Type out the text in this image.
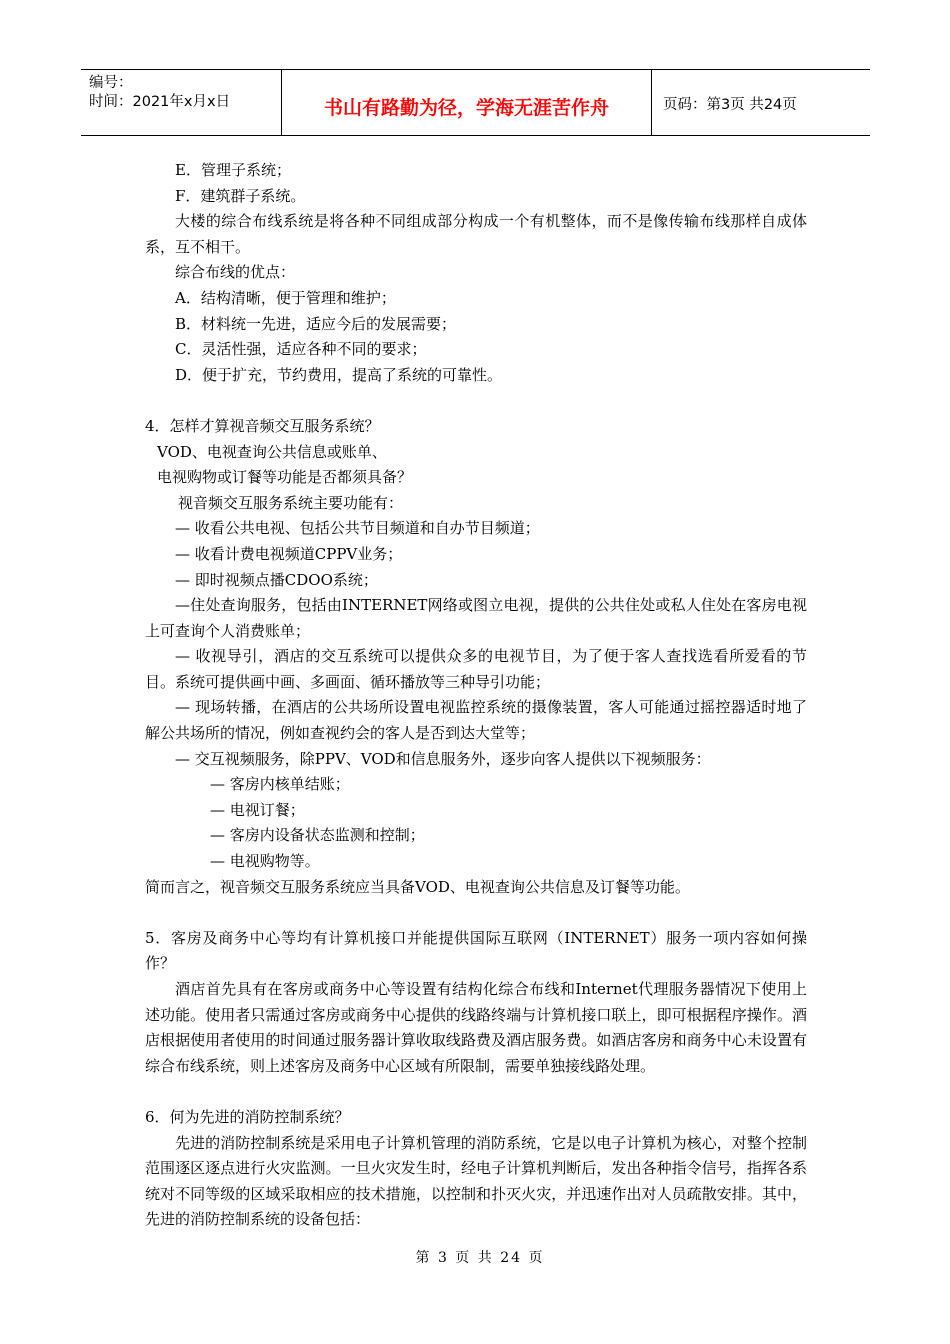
编号：
时间：2021年x月x日	书山有路勤为径，学海无涯苦作舟	页码：第3页 共24页
E．管理子系统；
F．建筑群子系统。
大楼的综合布线系统是将各种不同组成部分构成一个有机整体，而不是像传输布线那样自成体系，互不相干。
综合布线的优点：
A．结构清晰，便于管理和维护；
B．材料统一先进，适应今后的发展需要；
C．灵活性强，适应各种不同的要求；
D．便于扩充，节约费用，提高了系统的可靠性。
4．怎样才算视音频交互服务系统？
VOD、电视查询公共信息或账单、
电视购物或订餐等功能是否都须具备？
视音频交互服务系统主要功能有：
— 收看公共电视、包括公共节目频道和自办节目频道；
— 收看计费电视频道CPPV业务；
— 即时视频点播CDOO系统；
—住处查询服务，包括由INTERNET网络或图立电视，提供的公共住处或私人住处在客房电视上可查询个人消费账单；
— 收视导引，酒店的交互系统可以提供众多的电视节目，为了便于客人查找选看所爱看的节目。系统可提供画中画、多画面、循环播放等三种导引功能；
— 现场转播，在酒店的公共场所设置电视监控系统的摄像装置，客人可能通过摇控器适时地了解公共场所的情况，例如查视约会的客人是否到达大堂等；
— 交互视频服务，除PPV、VOD和信息服务外，逐步向客人提供以下视频服务：
— 客房内核单结账；
— 电视订餐；
— 客房内设备状态监测和控制；
— 电视购物等。
简而言之，视音频交互服务系统应当具备VOD、电视查询公共信息及订餐等功能。
5．客房及商务中心等均有计算机接口并能提供国际互联网（INTERNET）服务一项内容如何操作？
酒店首先具有在客房或商务中心等设置有结构化综合布线和Internet代理服务器情况下使用上述功能。使用者只需通过客房或商务中心提供的线路终端与计算机接口联上，即可根据程序操作。酒店根据使用者使用的时间通过服务器计算收取线路费及酒店服务费。如酒店客房和商务中心未设置有综合布线系统，则上述客房及商务中心区域有所限制，需要单独接线路处理。
6．何为先进的消防控制系统？
先进的消防控制系统是采用电子计算机管理的消防系统，它是以电子计算机为核心，对整个控制范围逐区逐点进行火灾监测。一旦火灾发生时，经电子计算机判断后，发出各种指令信号，指挥各系统对不同等级的区域采取相应的技术措施，以控制和扑灭火灾，并迅速作出对人员疏散安排。其中，先进的消防控制系统的设备包括：
第 3 页 共 24 页
